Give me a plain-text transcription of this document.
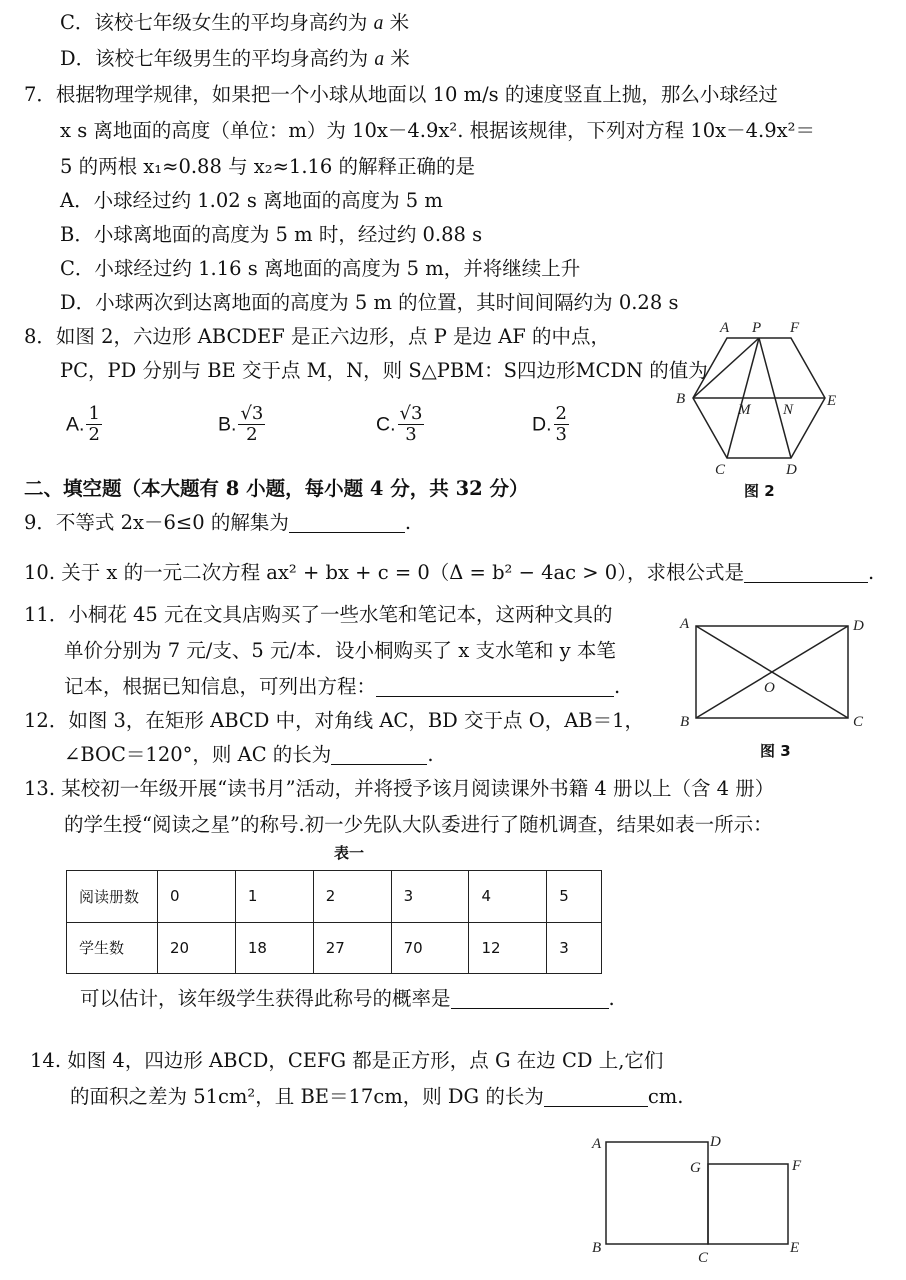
C．该校七年级女生的平均身高约为 a 米
D．该校七年级男生的平均身高约为 a 米
7．根据物理学规律，如果把一个小球从地面以 10 m/s 的速度竖直上抛，那么小球经过
x s 离地面的高度（单位：m）为 10x－4.9x². 根据该规律，下列对方程 10x－4.9x²＝
5 的两根 x₁≈0.88 与 x₂≈1.16 的解释正确的是
A．小球经过约 1.02 s 离地面的高度为 5 m
B．小球离地面的高度为 5 m 时，经过约 0.88 s
C．小球经过约 1.16 s 离地面的高度为 5 m，并将继续上升
D．小球两次到达离地面的高度为 5 m 的位置，其时间间隔约为 0.28 s
8．如图 2，六边形 ABCDEF 是正六边形，点 P 是边 AF 的中点，
PC，PD 分别与 BE 交于点 M，N，则 S△PBM：S四边形MCDN 的值为
A. $\frac{1}{2}$	B. $\frac{√3}{2}$	C. $\frac{√3}{3}$	D. $\frac{2}{3}$
A P F
B
M N
E
C	D
图 2
二、填空题（本大题有 8 小题，每小题 4 分，共 32 分）
9．不等式 2x－6≤0 的解集为	.
10. 关于 x 的一元二次方程 ax² + bx + c = 0（Δ = b² − 4ac > 0），求根公式是	.
11．小桐花 45 元在文具店购买了一些水笔和笔记本，这两种文具的
单价分别为 7 元/支、5 元/本．设小桐购买了 x 支水笔和 y 本笔
记本，根据已知信息，可列出方程：	.
12．如图 3，在矩形 ABCD 中，对角线 AC，BD 交于点 O，AB＝1，
∠BOC＝120°，则 AC 的长为	.
A	D
O
B	C
图 3
13. 某校初一年级开展“读书月”活动，并将授予该月阅读课外书籍 4 册以上（含 4 册）
的学生授“阅读之星”的称号.初一少先队大队委进行了随机调查，结果如表一所示：
表一
阅读册数	0	1	2	3	4	5
学生数	20	18	27	70	12	3
可以估计，该年级学生获得此称号的概率是	.
14. 如图 4，四边形 ABCD，CEFG 都是正方形，点 G 在边 CD 上,它们
的面积之差为 51cm²，且 BE＝17cm，则 DG 的长为	cm.
A	D
G	F
B
C
E
